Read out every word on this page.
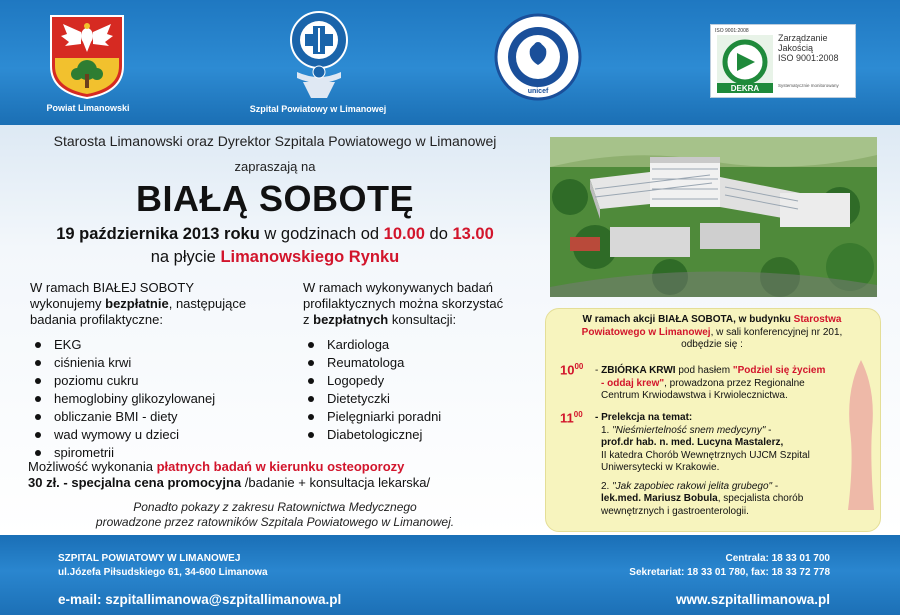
Powiat Limanowski	Szpital Powiatowy w Limanowej
unicef
ISO 9001:2008
DEKRA
Zarządzanie
Jakością
ISO 9001:2008
Systematycznie monitorowany
Starosta Limanowski oraz Dyrektor Szpitala Powiatowego w Limanowej
zapraszają na
BIAŁĄ SOBOTĘ
19 października 2013 roku w godzinach od 10.00 do 13.00
na płycie Limanowskiego Rynku
W ramach BIAŁEJ SOBOTY
wykonujemy bezpłatnie, następujące
badania profilaktyczne:
EKG
ciśnienia krwi
poziomu cukru
hemoglobiny glikozylowanej
obliczanie BMI - diety
wad wymowy u dzieci
spirometrii
W ramach wykonywanych badań
profilaktycznych można skorzystać
z bezpłatnych konsultacji:
Kardiologa
Reumatologa
Logopedy
Dietetyczki
Pielęgniarki poradni
Diabetologicznej
Możliwość wykonania płatnych badań w kierunku osteoporozy
30 zł. - specjalna cena promocyjna /badanie + konsultacja lekarska/
Ponadto pokazy z zakresu Ratownictwa Medycznego
prowadzone przez ratowników Szpitala Powiatowego w Limanowej.
W ramach akcji BIAŁA SOBOTA, w budynku Starostwa
Powiatowego w Limanowej, w sali konferencyjnej nr 201,
odbędzie się :
$10^{00}$ - ZBIÓRKA KRWI pod hasłem "Podziel się życiem
- oddaj krew", prowadzona przez Regionalne
Centrum Krwiodawstwa i Krwiolecznictwa.
$11^{00}$ - Prelekcja na temat:
1. "Nieśmiertelność snem medycyny" -
prof.dr hab. n. med. Lucyna Mastalerz,
II katedra Chorób Wewnętrznych UJCM Szpital
Uniwersytecki w Krakowie.
2. "Jak zapobiec rakowi jelita grubego" -
lek.med. Mariusz Bobula, specjalista chorób
wewnętrznych i gastroenterologii.
SZPITAL POWIATOWY W LIMANOWEJ
ul.Józefa Piłsudskiego 61, 34-600 Limanowa
Centrala: 18 33 01 700
Sekretariat: 18 33 01 780, fax: 18 33 72 778
e-mail: szpitallimanowa@szpitallimanowa.pl	www.szpitallimanowa.pl
